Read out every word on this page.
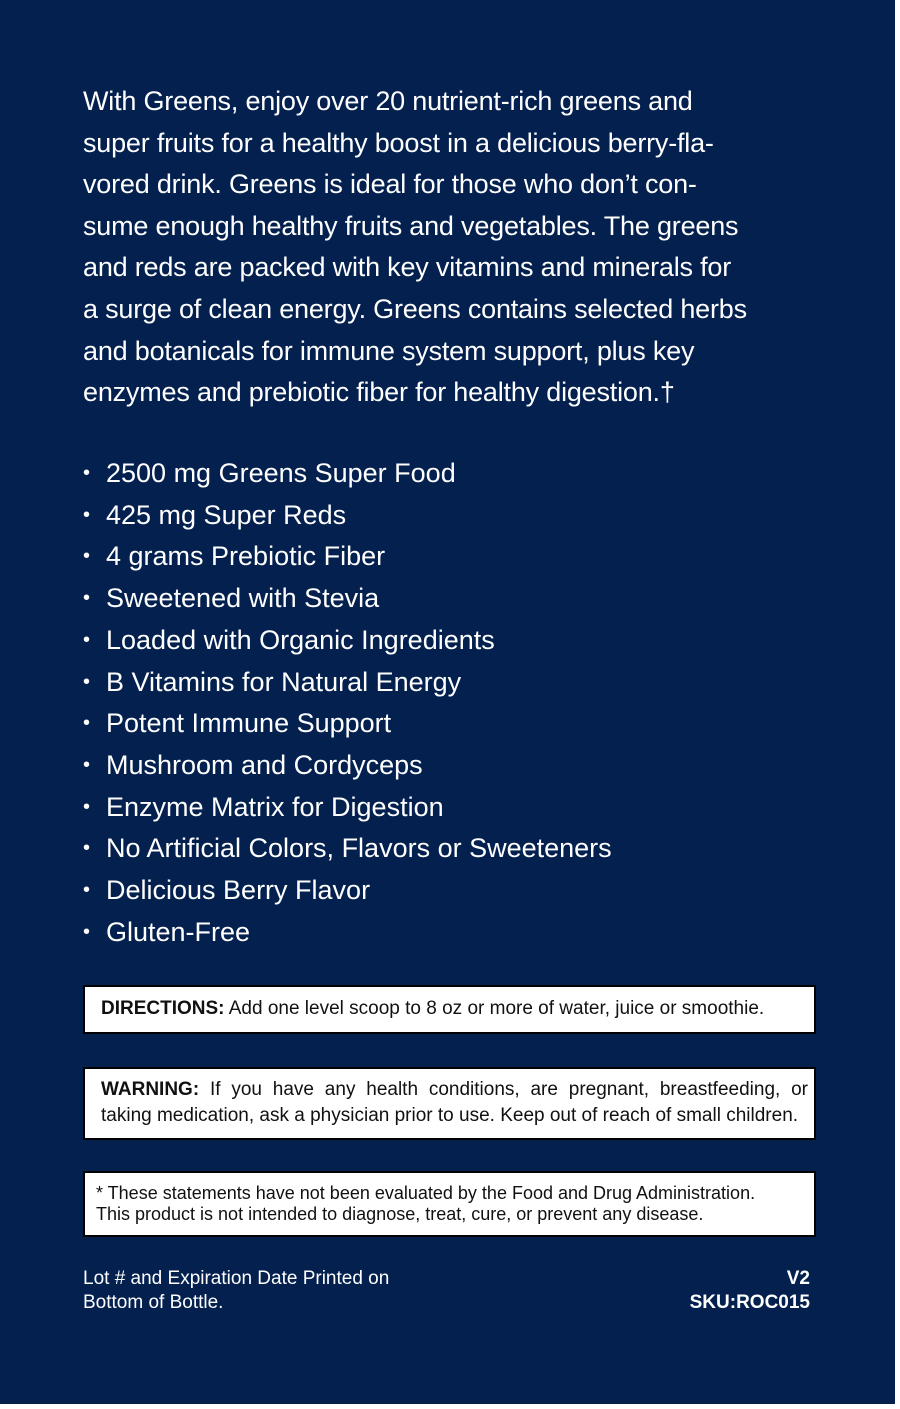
With Greens, enjoy over 20 nutrient-rich greens and
super fruits for a healthy boost in a delicious berry-fla-
vored drink. Greens is ideal for those who don’t con-
sume enough healthy fruits and vegetables. The greens
and reds are packed with key vitamins and minerals for
a surge of clean energy. Greens contains selected herbs
and botanicals for immune system support, plus key
enzymes and prebiotic fiber for healthy digestion.†

• 2500 mg Greens Super Food
• 425 mg Super Reds
• 4 grams Prebiotic Fiber
• Sweetened with Stevia
• Loaded with Organic Ingredients
• B Vitamins for Natural Energy
• Potent Immune Support
• Mushroom and Cordyceps
• Enzyme Matrix for Digestion
• No Artificial Colors, Flavors or Sweeteners
• Delicious Berry Flavor
• Gluten-Free
DIRECTIONS: Add one level scoop to 8 oz or more of water, juice or smoothie.
WARNING: If you have any health conditions, are pregnant, breastfeeding, or taking medication, ask a physician prior to use. Keep out of reach of small children.
* These statements have not been evaluated by the Food and Drug Administration.
This product is not intended to diagnose, treat, cure, or prevent any disease.
Lot # and Expiration Date Printed on
Bottom of Bottle.
V2
SKU:ROC015
